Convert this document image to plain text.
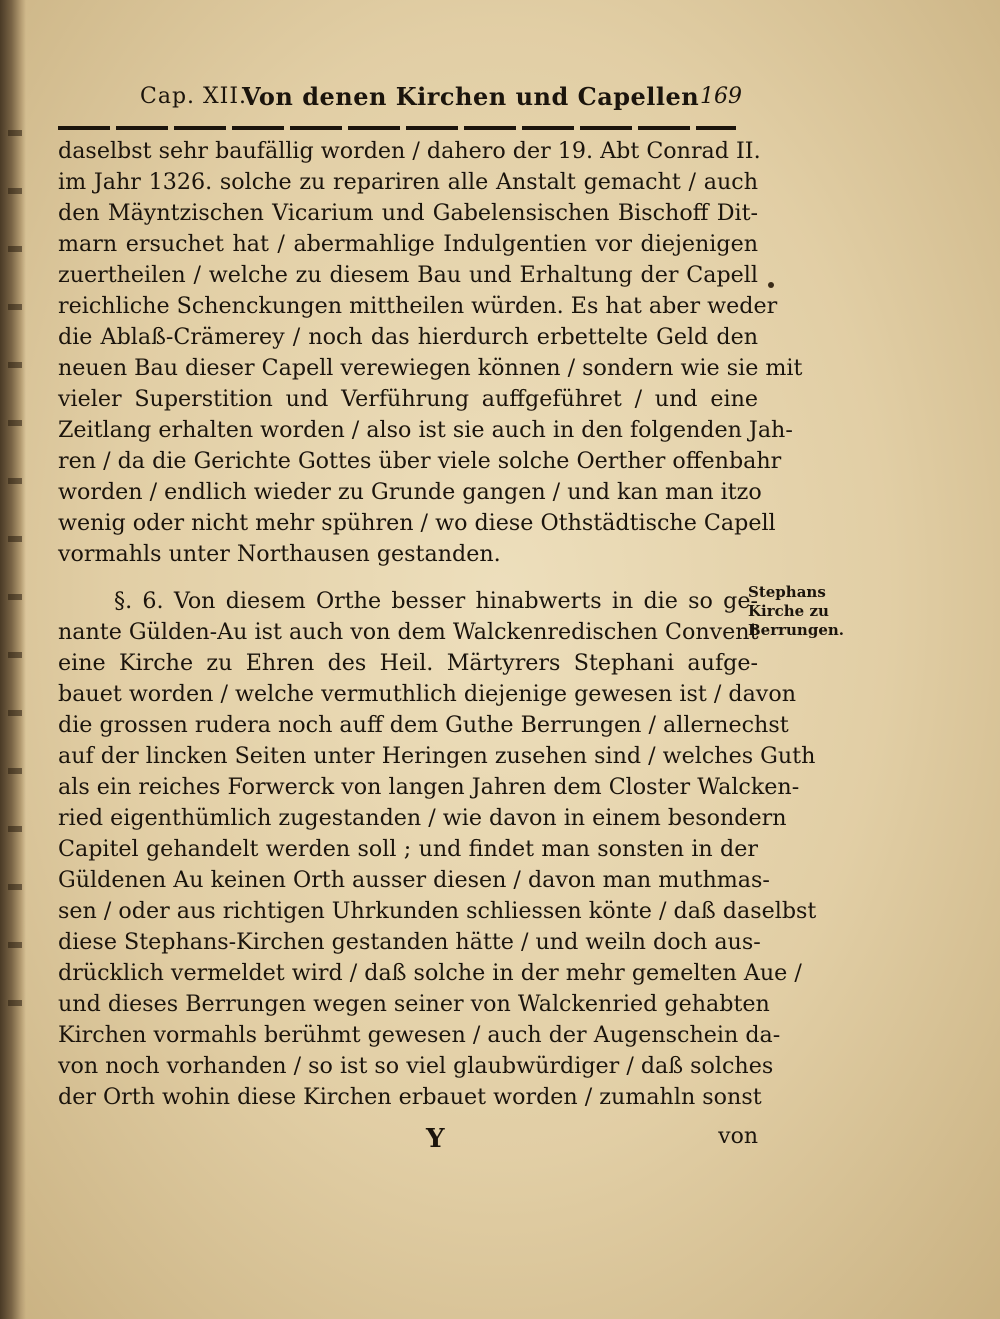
Cap. XII.
Von denen Kirchen und Capellen 169
daselbst sehr baufällig worden / dahero der 19. Abt Conrad II.
im Jahr 1326. solche zu repariren alle Anstalt gemacht / auch
den Mäyntzischen Vicarium und Gabelensischen Bischoff Dit-
marn ersuchet hat / abermahlige Indulgentien vor diejenigen
zuertheilen / welche zu diesem Bau und Erhaltung der Capell
reichliche Schenckungen mittheilen würden. Es hat aber weder
die Ablaß-Crämerey / noch das hierdurch erbettelte Geld den
neuen Bau dieser Capell verewiegen können / sondern wie sie mit
vieler Superstition und Verführung auffgeführet / und eine
Zeitlang erhalten worden / also ist sie auch in den folgenden Jah-
ren / da die Gerichte Gottes über viele solche Oerther offenbahr
worden / endlich wieder zu Grunde gangen / und kan man itzo
wenig oder nicht mehr spühren / wo diese Othstädtische Capell
vormahls unter Northausen gestanden.
§. 6. Von diesem Orthe besser hinabwerts in die so ge-
nante Gülden-Au ist auch von dem Walckenredischen Convent
eine Kirche zu Ehren des Heil. Märtyrers Stephani aufge-
bauet worden / welche vermuthlich diejenige gewesen ist / davon
die grossen rudera noch auff dem Guthe Berrungen / allernechst
auf der lincken Seiten unter Heringen zusehen sind / welches Guth
als ein reiches Forwerck von langen Jahren dem Closter Walcken-
ried eigenthümlich zugestanden / wie davon in einem besondern
Capitel gehandelt werden soll ; und findet man sonsten in der
Güldenen Au keinen Orth ausser diesen / davon man muthmas-
sen / oder aus richtigen Uhrkunden schliessen könte / daß daselbst
diese Stephans-Kirchen gestanden hätte / und weiln doch aus-
drücklich vermeldet wird / daß solche in der mehr gemelten Aue /
und dieses Berrungen wegen seiner von Walckenried gehabten
Kirchen vormahls berühmt gewesen / auch der Augenschein da-
von noch vorhanden / so ist so viel glaubwürdiger / daß solches
der Orth wohin diese Kirchen erbauet worden / zumahln sonst
Stephans
Kirche zu
Berrungen.
Y	von
